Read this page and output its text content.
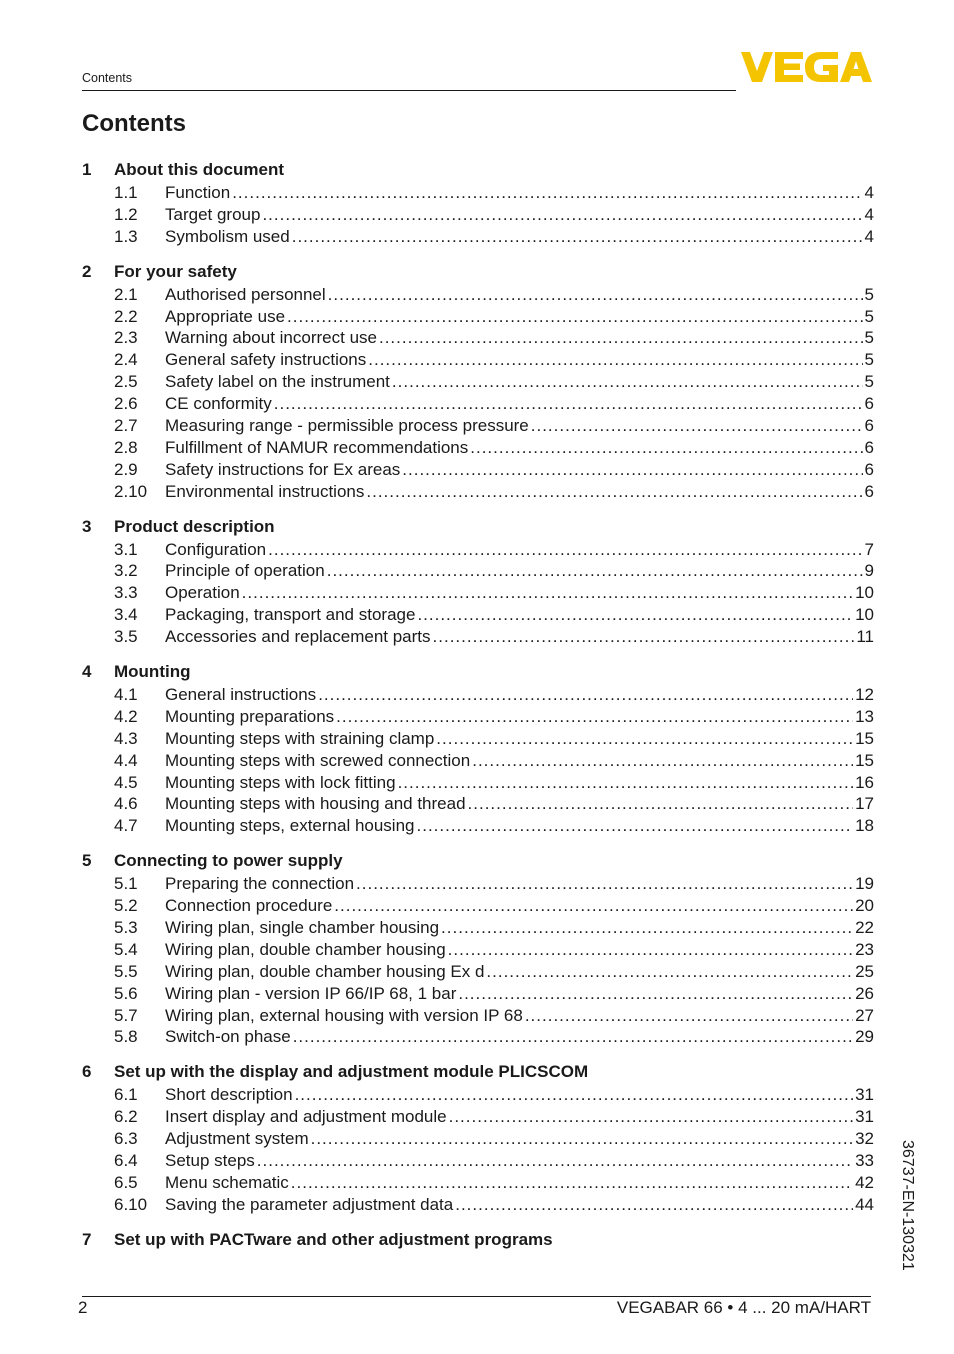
Contents
Contents
1	About this document
1.1	Function .....	4
1.2	Target group .....	4
1.3	Symbolism used .....	4
2	For your safety
2.1	Authorised personnel .....	5
2.2	Appropriate use .....	5
2.3	Warning about incorrect use .....	5
2.4	General safety instructions .....	5
2.5	Safety label on the instrument .....	5
2.6	CE conformity .....	6
2.7	Measuring range - permissible process pressure .....	6
2.8	Fulfillment of NAMUR recommendations .....	6
2.9	Safety instructions for Ex areas .....	6
2.10	Environmental instructions .....	6
3	Product description
3.1	Configuration .....	7
3.2	Principle of operation .....	9
3.3	Operation .....	10
3.4	Packaging, transport and storage .....	10
3.5	Accessories and replacement parts .....	11
4	Mounting
4.1	General instructions .....	12
4.2	Mounting preparations .....	13
4.3	Mounting steps with straining clamp .....	15
4.4	Mounting steps with screwed connection .....	15
4.5	Mounting steps with lock fitting .....	16
4.6	Mounting steps with housing and thread .....	17
4.7	Mounting steps, external housing .....	18
5	Connecting to power supply
5.1	Preparing the connection .....	19
5.2	Connection procedure .....	20
5.3	Wiring plan, single chamber housing .....	22
5.4	Wiring plan, double chamber housing .....	23
5.5	Wiring plan, double chamber housing Ex d .....	25
5.6	Wiring plan - version IP 66/IP 68, 1 bar .....	26
5.7	Wiring plan, external housing with version IP 68 .....	27
5.8	Switch-on phase .....	29
6	Set up with the display and adjustment module PLICSCOM
6.1	Short description .....	31
6.2	Insert display and adjustment module .....	31
6.3	Adjustment system .....	32
6.4	Setup steps .....	33
6.5	Menu schematic .....	42
6.10	Saving the parameter adjustment data .....	44
7	Set up with PACTware and other adjustment programs	36737-EN-130321
2	VEGABAR 66 • 4 ... 20 mA/HART
